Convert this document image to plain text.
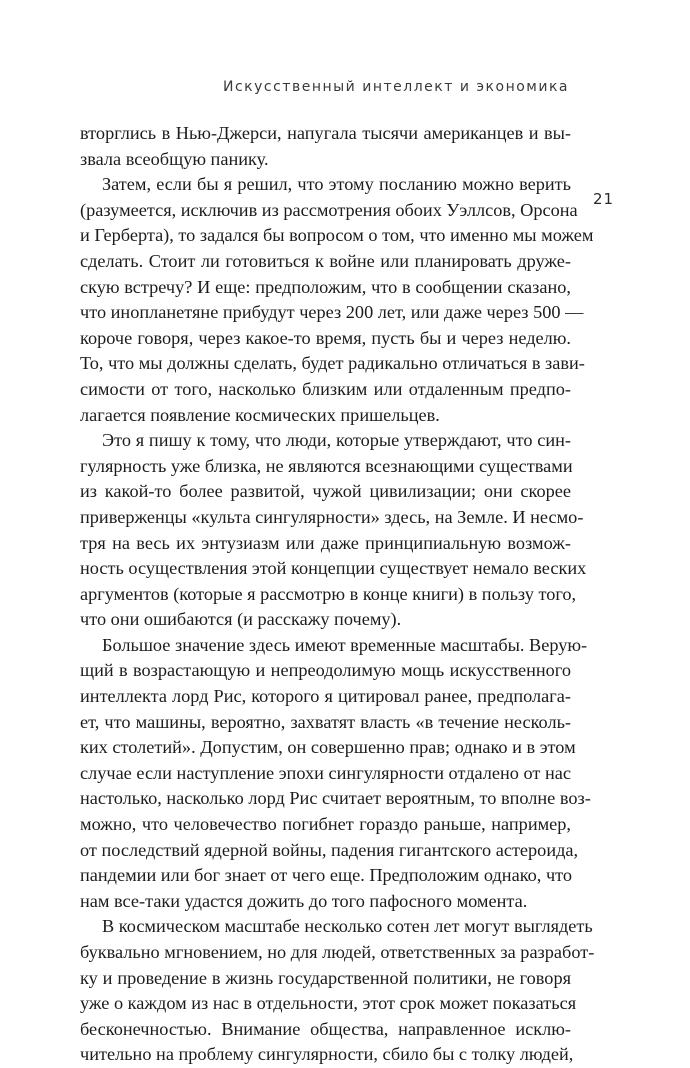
Искусственный интеллект и экономика
21
вторглись в Нью-Джерси, напугала тысячи американцев и вы-
звала всеобщую панику.
Затем, если бы я решил, что этому посланию можно верить
(разумеется, исключив из рассмотрения обоих Уэллсов, Орсона
и Герберта), то задался бы вопросом о том, что именно мы можем
сделать. Стоит ли готовиться к войне или планировать друже-
скую встречу? И еще: предположим, что в сообщении сказано,
что инопланетяне прибудут через 200 лет, или даже через 500 —
короче говоря, через какое-то время, пусть бы и через неделю.
То, что мы должны сделать, будет радикально отличаться в зави-
симости от того, насколько близким или отдаленным предпо-
лагается появление космических пришельцев.
Это я пишу к тому, что люди, которые утверждают, что син-
гулярность уже близка, не являются всезнающими существами
из какой-то более развитой, чужой цивилизации; они скорее
приверженцы «культа сингулярности» здесь, на Земле. И несмо-
тря на весь их энтузиазм или даже принципиальную возмож-
ность осуществления этой концепции существует немало веских
аргументов (которые я рассмотрю в конце книги) в пользу того,
что они ошибаются (и расскажу почему).
Большое значение здесь имеют временные масштабы. Верую-
щий в возрастающую и непреодолимую мощь искусственного
интеллекта лорд Рис, которого я цитировал ранее, предполага-
ет, что машины, вероятно, захватят власть «в течение несколь-
ких столетий». Допустим, он совершенно прав; однако и в этом
случае если наступление эпохи сингулярности отдалено от нас
настолько, насколько лорд Рис считает вероятным, то вполне воз-
можно, что человечество погибнет гораздо раньше, например,
от последствий ядерной войны, падения гигантского астероида,
пандемии или бог знает от чего еще. Предположим однако, что
нам все-таки удастся дожить до того пафосного момента.
В космическом масштабе несколько сотен лет могут выглядеть
буквально мгновением, но для людей, ответственных за разработ-
ку и проведение в жизнь государственной политики, не говоря
уже о каждом из нас в отдельности, этот срок может показаться
бесконечностью. Внимание общества, направленное исклю-
чительно на проблему сингулярности, сбило бы с толку людей,
